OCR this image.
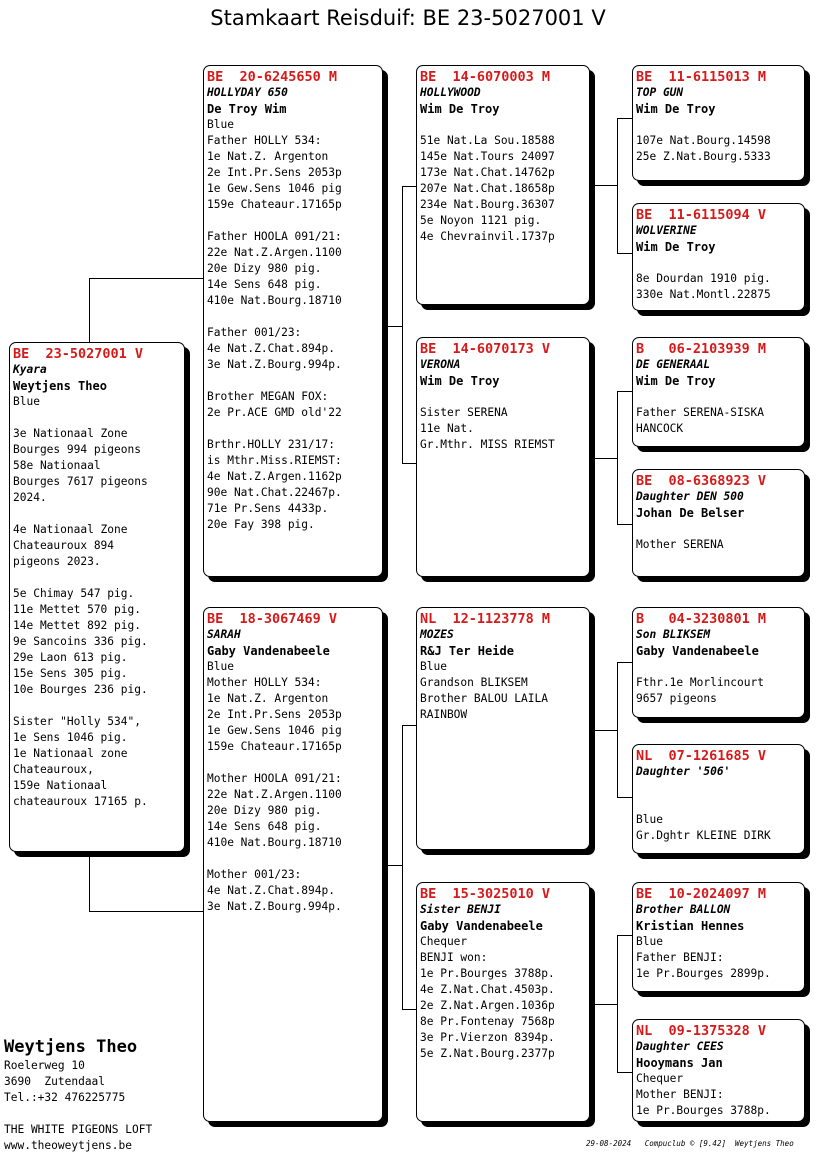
Stamkaart Reisduif: BE 23-5027001 V
BE  23-5027001 V
Kyara
Weytjens Theo
Blue
3e Nationaal Zone
Bourges 994 pigeons
58e Nationaal
Bourges 7617 pigeons
2024.
4e Nationaal Zone
Chateauroux 894
pigeons 2023.
5e Chimay 547 pig.
11e Mettet 570 pig.
14e Mettet 892 pig.
9e Sancoins 336 pig.
29e Laon 613 pig.
15e Sens 305 pig.
10e Bourges 236 pig.
Sister "Holly 534",
1e Sens 1046 pig.
1e Nationaal zone
Chateauroux,
159e Nationaal
chateauroux 17165 p.
BE  20-6245650 M
HOLLYDAY 650
De Troy Wim
Blue
Father HOLLY 534:
1e Nat.Z. Argenton
2e Int.Pr.Sens 2053p
1e Gew.Sens 1046 pig
159e Chateaur.17165p
Father HOOLA 091/21:
22e Nat.Z.Argen.1100
20e Dizy 980 pig.
14e Sens 648 pig.
410e Nat.Bourg.18710
Father 001/23:
4e Nat.Z.Chat.894p.
3e Nat.Z.Bourg.994p.
Brother MEGAN FOX:
2e Pr.ACE GMD old'22
Brthr.HOLLY 231/17:
is Mthr.Miss.RIEMST:
4e Nat.Z.Argen.1162p
90e Nat.Chat.22467p.
71e Pr.Sens 4433p.
20e Fay 398 pig.
BE  18-3067469 V
SARAH
Gaby Vandenabeele
Blue
Mother HOLLY 534:
1e Nat.Z. Argenton
2e Int.Pr.Sens 2053p
1e Gew.Sens 1046 pig
159e Chateaur.17165p
Mother HOOLA 091/21:
22e Nat.Z.Argen.1100
20e Dizy 980 pig.
14e Sens 648 pig.
410e Nat.Bourg.18710
Mother 001/23:
4e Nat.Z.Chat.894p.
3e Nat.Z.Bourg.994p.
BE  14-6070003 M
HOLLYWOOD
Wim De Troy
51e Nat.La Sou.18588
145e Nat.Tours 24097
173e Nat.Chat.14762p
207e Nat.Chat.18658p
234e Nat.Bourg.36307
5e Noyon 1121 pig.
4e Chevrainvil.1737p
BE  14-6070173 V
VERONA
Wim De Troy
Sister SERENA
11e Nat.
Gr.Mthr. MISS RIEMST
NL  12-1123778 M
MOZES
R&J Ter Heide
Blue
Grandson BLIKSEM
Brother BALOU LAILA
RAINBOW
BE  15-3025010 V
Sister BENJI
Gaby Vandenabeele
Chequer
BENJI won:
1e Pr.Bourges 3788p.
4e Z.Nat.Chat.4503p.
2e Z.Nat.Argen.1036p
8e Pr.Fontenay 7568p
3e Pr.Vierzon 8394p.
5e Z.Nat.Bourg.2377p
BE  11-6115013 M
TOP GUN
Wim De Troy
107e Nat.Bourg.14598
25e Z.Nat.Bourg.5333
BE  11-6115094 V
WOLVERINE
Wim De Troy
8e Dourdan 1910 pig.
330e Nat.Montl.22875
B   06-2103939 M
DE GENERAAL
Wim De Troy
Father SERENA-SISKA
HANCOCK
BE  08-6368923 V
Daughter DEN 500
Johan De Belser
Mother SERENA
B   04-3230801 M
Son BLIKSEM
Gaby Vandenabeele
Fthr.1e Morlincourt
9657 pigeons
NL  07-1261685 V
Daughter '506'
Blue
Gr.Dghtr KLEINE DIRK
BE  10-2024097 M
Brother BALLON
Kristian Hennes
Blue
Father BENJI:
1e Pr.Bourges 2899p.
NL  09-1375328 V
Daughter CEES
Hooymans Jan
Chequer
Mother BENJI:
1e Pr.Bourges 3788p.
Weytjens Theo
Roelerweg 10
3690  Zutendaal
Tel.:+32 476225775
THE WHITE PIGEONS LOFT
www.theoweytjens.be	29-08-2024   Compuclub © [9.42]  Weytjens Theo
